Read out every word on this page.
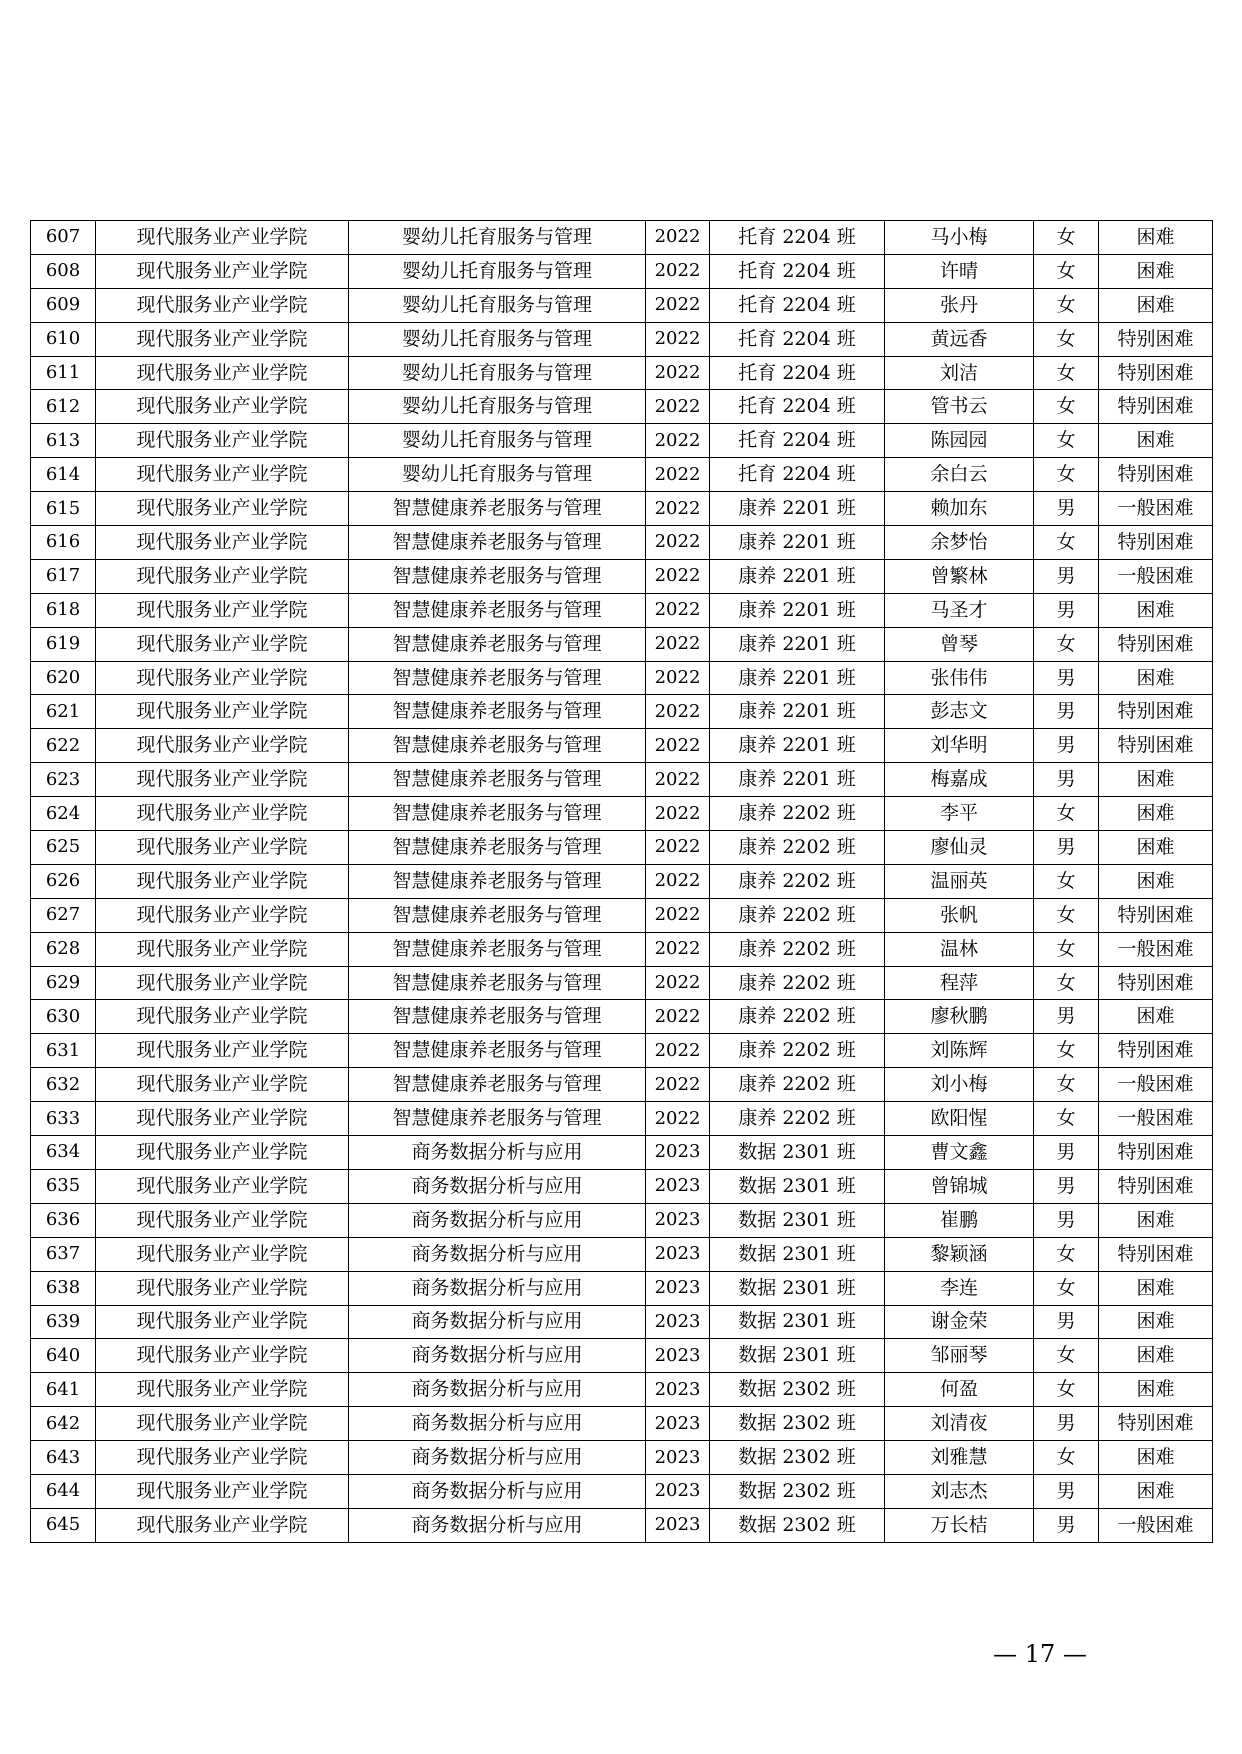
607	现代服务业产业学院	婴幼儿托育服务与管理	2022	托育 2204 班	马小梅	女	困难
608	现代服务业产业学院	婴幼儿托育服务与管理	2022	托育 2204 班	许晴	女	困难
609	现代服务业产业学院	婴幼儿托育服务与管理	2022	托育 2204 班	张丹	女	困难
610	现代服务业产业学院	婴幼儿托育服务与管理	2022	托育 2204 班	黄远香	女	特别困难
611	现代服务业产业学院	婴幼儿托育服务与管理	2022	托育 2204 班	刘洁	女	特别困难
612	现代服务业产业学院	婴幼儿托育服务与管理	2022	托育 2204 班	管书云	女	特别困难
613	现代服务业产业学院	婴幼儿托育服务与管理	2022	托育 2204 班	陈园园	女	困难
614	现代服务业产业学院	婴幼儿托育服务与管理	2022	托育 2204 班	余白云	女	特别困难
615	现代服务业产业学院	智慧健康养老服务与管理	2022	康养 2201 班	赖加东	男	一般困难
616	现代服务业产业学院	智慧健康养老服务与管理	2022	康养 2201 班	余梦怡	女	特别困难
617	现代服务业产业学院	智慧健康养老服务与管理	2022	康养 2201 班	曾繁林	男	一般困难
618	现代服务业产业学院	智慧健康养老服务与管理	2022	康养 2201 班	马圣才	男	困难
619	现代服务业产业学院	智慧健康养老服务与管理	2022	康养 2201 班	曾琴	女	特别困难
620	现代服务业产业学院	智慧健康养老服务与管理	2022	康养 2201 班	张伟伟	男	困难
621	现代服务业产业学院	智慧健康养老服务与管理	2022	康养 2201 班	彭志文	男	特别困难
622	现代服务业产业学院	智慧健康养老服务与管理	2022	康养 2201 班	刘华明	男	特别困难
623	现代服务业产业学院	智慧健康养老服务与管理	2022	康养 2201 班	梅嘉成	男	困难
624	现代服务业产业学院	智慧健康养老服务与管理	2022	康养 2202 班	李平	女	困难
625	现代服务业产业学院	智慧健康养老服务与管理	2022	康养 2202 班	廖仙灵	男	困难
626	现代服务业产业学院	智慧健康养老服务与管理	2022	康养 2202 班	温丽英	女	困难
627	现代服务业产业学院	智慧健康养老服务与管理	2022	康养 2202 班	张帆	女	特别困难
628	现代服务业产业学院	智慧健康养老服务与管理	2022	康养 2202 班	温林	女	一般困难
629	现代服务业产业学院	智慧健康养老服务与管理	2022	康养 2202 班	程萍	女	特别困难
630	现代服务业产业学院	智慧健康养老服务与管理	2022	康养 2202 班	廖秋鹏	男	困难
631	现代服务业产业学院	智慧健康养老服务与管理	2022	康养 2202 班	刘陈辉	女	特别困难
632	现代服务业产业学院	智慧健康养老服务与管理	2022	康养 2202 班	刘小梅	女	一般困难
633	现代服务业产业学院	智慧健康养老服务与管理	2022	康养 2202 班	欧阳惺	女	一般困难
634	现代服务业产业学院	商务数据分析与应用	2023	数据 2301 班	曹文鑫	男	特别困难
635	现代服务业产业学院	商务数据分析与应用	2023	数据 2301 班	曾锦城	男	特别困难
636	现代服务业产业学院	商务数据分析与应用	2023	数据 2301 班	崔鹏	男	困难
637	现代服务业产业学院	商务数据分析与应用	2023	数据 2301 班	黎颖涵	女	特别困难
638	现代服务业产业学院	商务数据分析与应用	2023	数据 2301 班	李连	女	困难
639	现代服务业产业学院	商务数据分析与应用	2023	数据 2301 班	谢金荣	男	困难
640	现代服务业产业学院	商务数据分析与应用	2023	数据 2301 班	邹丽琴	女	困难
641	现代服务业产业学院	商务数据分析与应用	2023	数据 2302 班	何盈	女	困难
642	现代服务业产业学院	商务数据分析与应用	2023	数据 2302 班	刘清夜	男	特别困难
643	现代服务业产业学院	商务数据分析与应用	2023	数据 2302 班	刘雅慧	女	困难
644	现代服务业产业学院	商务数据分析与应用	2023	数据 2302 班	刘志杰	男	困难
645	现代服务业产业学院	商务数据分析与应用	2023	数据 2302 班	万长桔	男	一般困难
— 17 —
